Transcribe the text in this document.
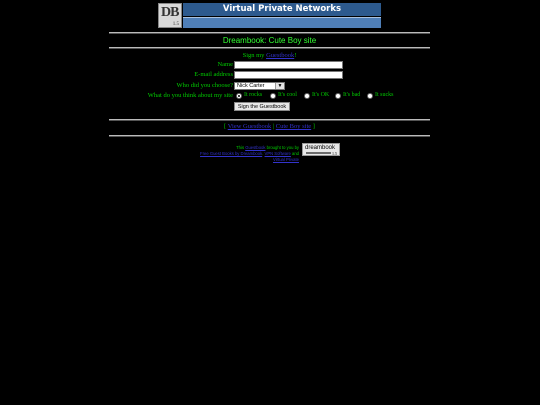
DB
1.5
Virtual Private Networks
Dreambook: Cute Boy site
Sign my Guestbook!
Name
E-mail address
Who did you choose? Nick Carter	▼
What do you think about my site It rocks	It's cool	It's OK It's bad It sucks
Sign the Guestbook
[ View Guestbook | Cute Boy site ]
This Guestbook brought to you by
Free Guest Books by Dreambook. VPN Software and Virtual Private
dreambook
1.5
